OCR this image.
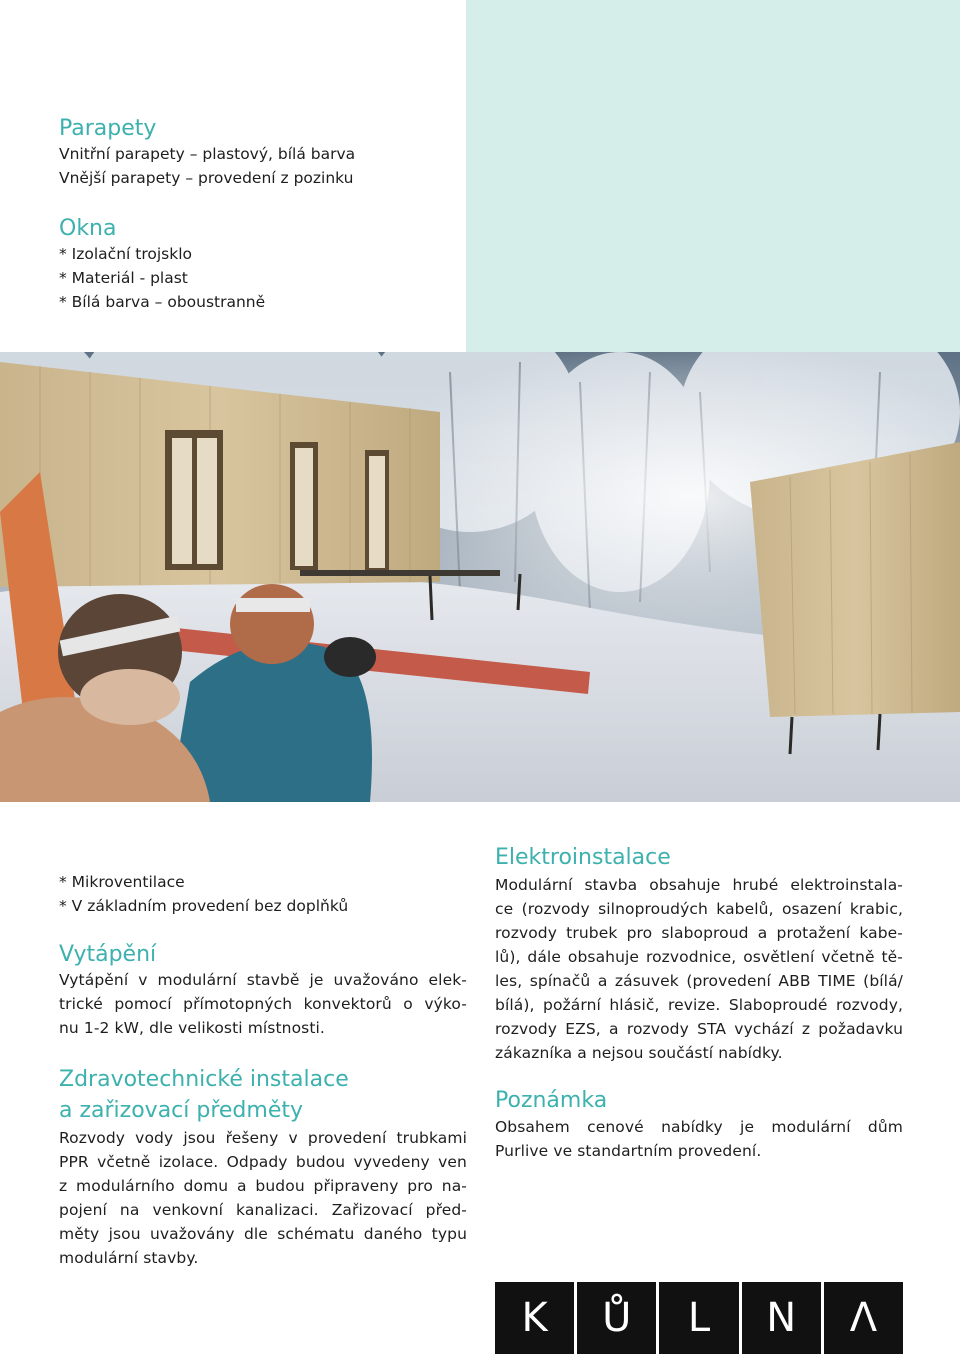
Parapety

Vnitřní parapety – plastový, bílá barva

Vnější parapety – provedení z pozinku

Okna

* Izolační trojsklo

* Materiál - plast

* Bílá barva – oboustranně

* Mikroventilace

* V základním provedení bez doplňků

Vytápění

Vytápění v modulární stavbě je uvažováno elek-
trické pomocí přímotopných konvektorů o výko-
nu 1-2 kW, dle velikosti místnosti.

Zdravotechnické instalace
a zařizovací předměty

Rozvody vody jsou řešeny v provedení trubkami
PPR včetně izolace. Odpady budou vyvedeny ven
z modulárního domu a budou připraveny pro na-
pojení na venkovní kanalizaci. Zařizovací před-
měty jsou uvažovány dle schématu daného typu
modulární stavby.

Elektroinstalace

Modulární stavba obsahuje hrubé elektroinstala-
ce (rozvody silnoproudých kabelů, osazení krabic,
rozvody trubek pro slaboproud a protažení kabe-
lů), dále obsahuje rozvodnice, osvětlení včetně tě-
les, spínačů a zásuvek (provedení ABB TIME (bílá/
bílá), požární hlásič, revize. Slaboproudé rozvody,
rozvody EZS, a rozvody STA vychází z požadavku
zákazníka a nejsou součástí nabídky.

Poznámka

Obsahem cenové nabídky je modulární dům
Purlive ve standartním provedení.

K	Ů	L	N	Λ
